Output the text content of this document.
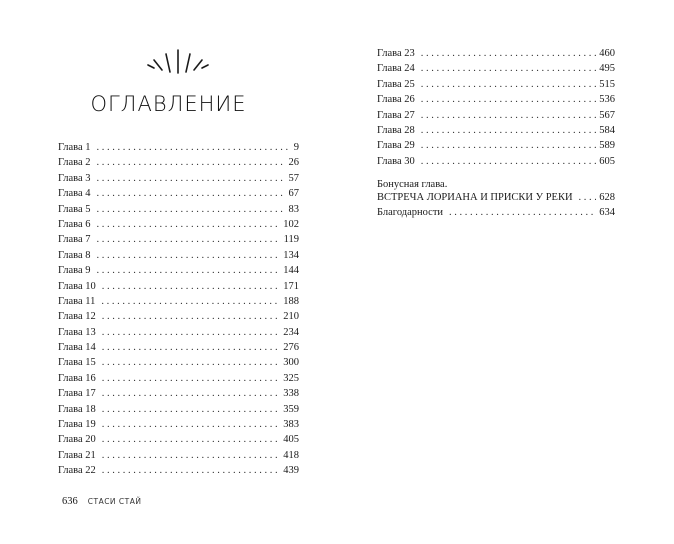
ОГЛАВЛЕНИЕ
Глава 1 . . .	9
Глава 2 . . .	26
Глава 3 . . .	57
Глава 4 . . .	67
Глава 5 . . .	83
Глава 6 . . .	102
Глава 7 . . .	119
Глава 8 . . .	134
Глава 9 . . .	144
Глава 10 . . .	171
Глава 11 . . .	188
Глава 12 . . .	210
Глава 13 . . .	234
Глава 14 . . .	276
Глава 15 . . .	300
Глава 16 . . .	325
Глава 17 . . .	338
Глава 18 . . .	359
Глава 19 . . .	383
Глава 20 . . .	405
Глава 21 . . .	418
Глава 22 . . .	439
636 СТАСИ СТАЙ
Глава 23 . . .	460
Глава 24 . . .	495
Глава 25 . . .	515
Глава 26 . . .	536
Глава 27 . . .	567
Глава 28 . . .	584
Глава 29 . . .	589
Глава 30 . . .	605
Бонусная глава.
ВСТРЕЧА ЛОРИАНА И ПРИСКИ У РЕКИ . . .	628
Благодарности . . .	634
